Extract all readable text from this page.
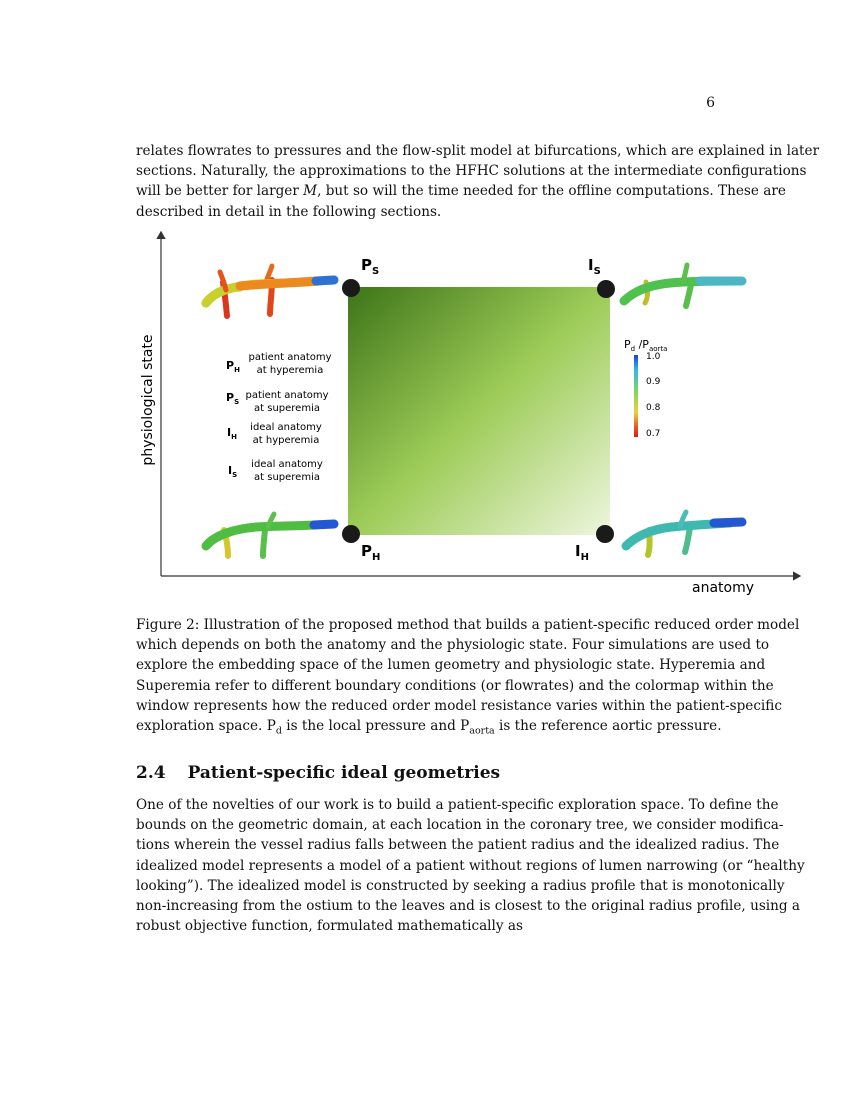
6

relates flowrates to pressures and the flow-split model at bifurcations, which are explained in later
sections. Naturally, the approximations to the HFHC solutions at the intermediate configurations
will be better for larger M, but so will the time needed for the offline computations. These are
described in detail in the following sections.

anatomy
physiological state
$P_S$	$I_S$
$P_H$	$I_H$
$P_H$
patient anatomy
at hyperemia
$P_S$
patient anatomy
at superemia
$I_H$
ideal anatomy
at hyperemia
$I_S$
ideal anatomy
at superemia
$P_d$ $/P_{aorta}$
1.0
0.9
0.8
0.7

Figure 2: Illustration of the proposed method that builds a patient-specific reduced order model
which depends on both the anatomy and the physiologic state. Four simulations are used to
explore the embedding space of the lumen geometry and physiologic state. Hyperemia and
Superemia refer to different boundary conditions (or flowrates) and the colormap within the
window represents how the reduced order model resistance varies within the patient-specific
exploration space. $P_d$ is the local pressure and $P_{aorta}$ is the reference aortic pressure.

2.4 Patient-specific ideal geometries

One of the novelties of our work is to build a patient-specific exploration space. To define the
bounds on the geometric domain, at each location in the coronary tree, we consider modifica-
tions wherein the vessel radius falls between the patient radius and the idealized radius. The
idealized model represents a model of a patient without regions of lumen narrowing (or “healthy
looking”). The idealized model is constructed by seeking a radius profile that is monotonically
non-increasing from the ostium to the leaves and is closest to the original radius profile, using a
robust objective function, formulated mathematically as
